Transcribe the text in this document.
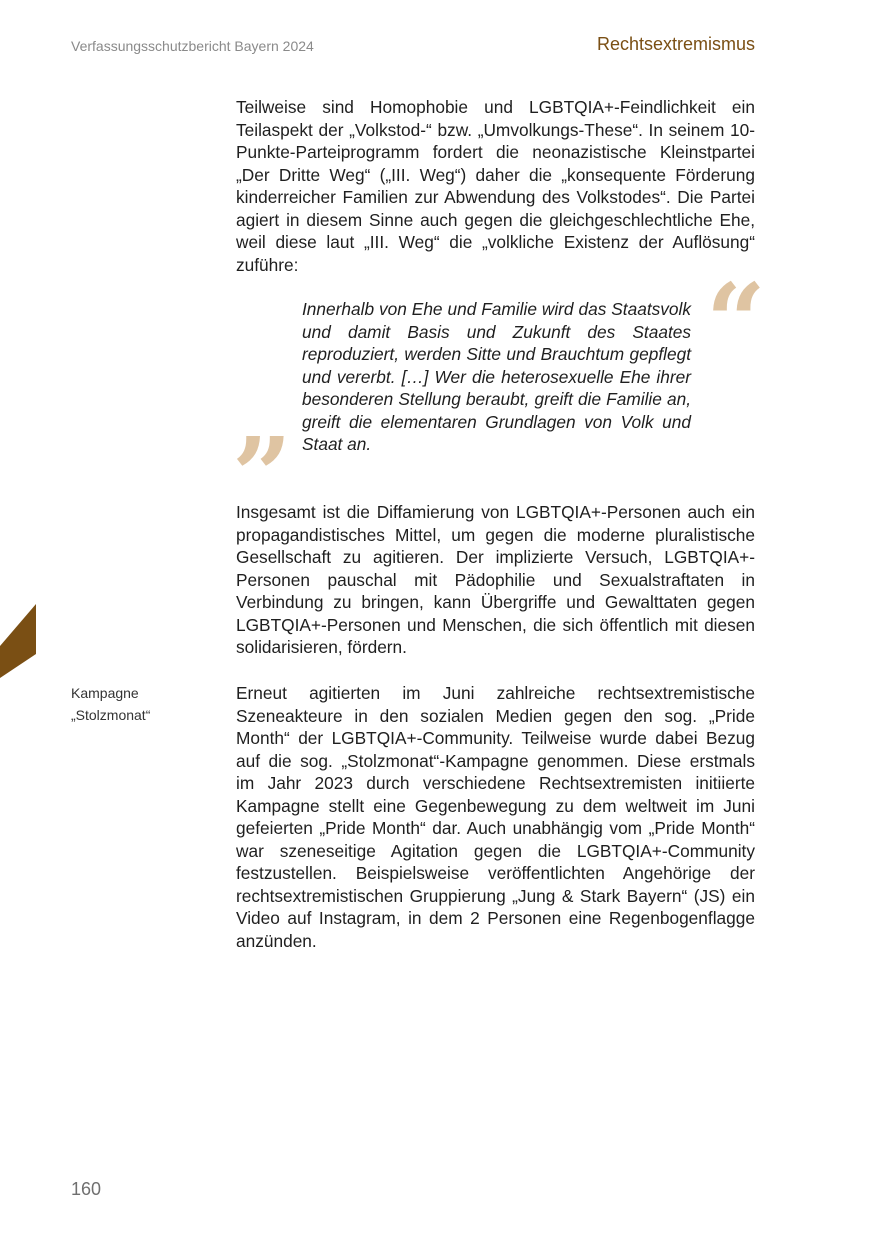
Verfassungsschutzbericht Bayern 2024	Rechtsextremismus

Teilweise sind Homophobie und LGBTQIA+-Feindlichkeit ein Teilaspekt der „Volkstod-“ bzw. „Umvolkungs-These“. In seinem 10-Punkte-Parteiprogramm fordert die neonazistische Kleinstpartei „Der Dritte Weg“ („III. Weg“) daher die „konsequente Förderung kinderreicher Familien zur Abwendung des Volkstodes“. Die Partei agiert in diesem Sinne auch gegen die gleichgeschlechtliche Ehe, weil diese laut „III. Weg“ die „volkliche Existenz der Auflösung“ zuführe:	“

Innerhalb von Ehe und Familie wird das Staatsvolk und damit Basis und Zukunft des Staates reproduziert, werden Sitte und Brauchtum gepflegt und vererbt. […] Wer die heterosexuelle Ehe ihrer besonderen Stellung beraubt, greift die Familie an, greift die elementaren Grundlagen von Volk und Staat an.

”

Insgesamt ist die Diffamierung von LGBTQIA+-Personen auch ein propagandistisches Mittel, um gegen die moderne pluralistische Gesellschaft zu agitieren. Der implizierte Versuch, LGBTQIA+-Personen pauschal mit Pädophilie und Sexualstraftaten in Verbindung zu bringen, kann Übergriffe und Gewalttaten gegen LGBTQIA+-Personen und Menschen, die sich öffentlich mit diesen solidarisieren, fördern.

Kampagne
„Stolzmonat“

Erneut agitierten im Juni zahlreiche rechtsextremistische Szeneakteure in den sozialen Medien gegen den sog. „Pride Month“ der LGBTQIA+-Community. Teilweise wurde dabei Bezug auf die sog. „Stolzmonat“-Kampagne genommen. Diese erstmals im Jahr 2023 durch verschiedene Rechtsextremisten initiierte Kampagne stellt eine Gegenbewegung zu dem weltweit im Juni gefeierten „Pride Month“ dar. Auch unabhängig vom „Pride Month“ war szeneseitige Agitation gegen die LGBTQIA+-Community festzustellen. Beispielsweise veröffentlichten Angehörige der rechtsextremistischen Gruppierung „Jung & Stark Bayern“ (JS) ein Video auf Instagram, in dem 2 Personen eine Regenbogenflagge anzünden.

160
